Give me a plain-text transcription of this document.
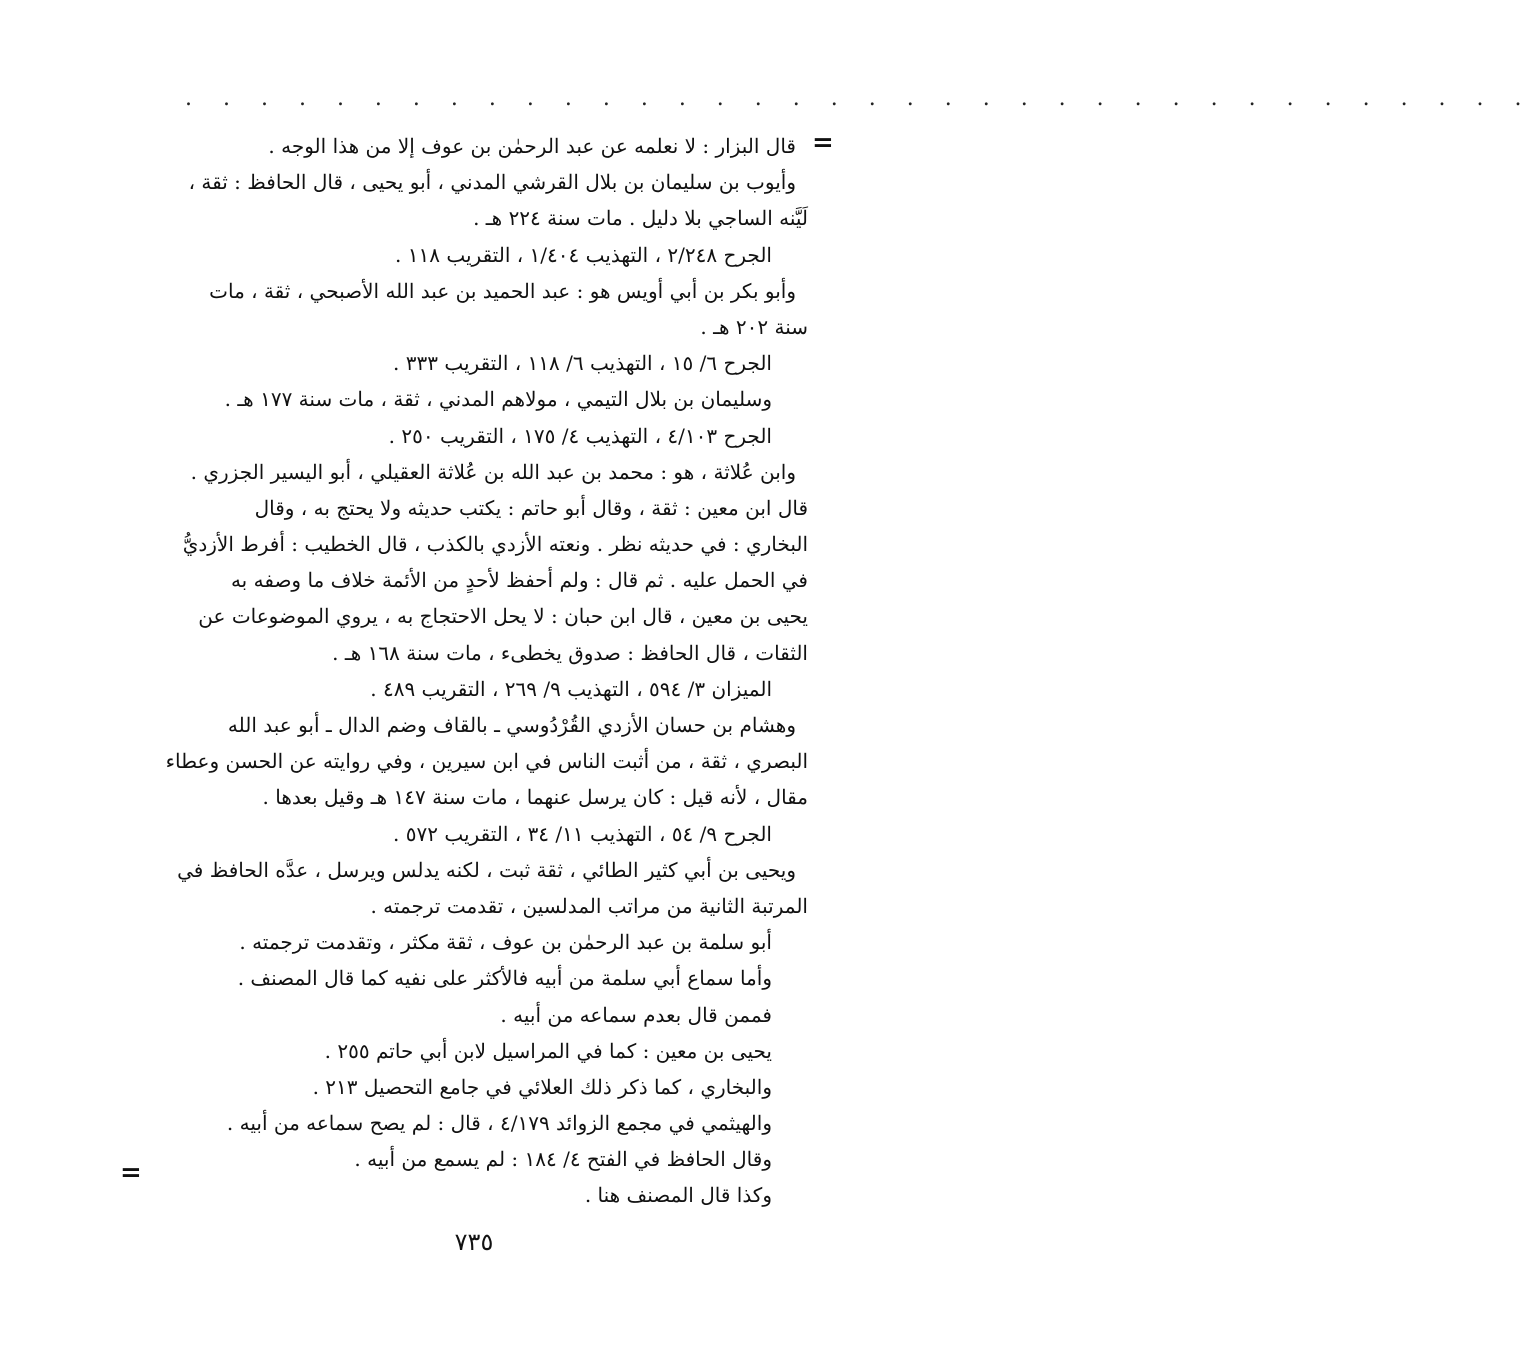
. . . . . . . . . . . . . . . . . . . . . . . . . . . . . . . . . . . .
=
قال البزار : لا نعلمه عن عبد الرحمٰن بن عوف إلا من هذا الوجه .
وأيوب بن سليمان بن بلال القرشي المدني ، أبو يحيى ، قال الحافظ : ثقة ،
لَيَّنه الساجي بلا دليل . مات سنة ٢٢٤ هـ .
الجرح ٢/٢٤٨ ، التهذيب ١/٤٠٤ ، التقريب ١١٨ .
وأبو بكر بن أبي أويس هو : عبد الحميد بن عبد الله الأصبحي ، ثقة ، مات
سنة ٢٠٢ هـ .
الجرح ٦/ ١٥ ، التهذيب ٦/ ١١٨ ، التقريب ٣٣٣ .
وسليمان بن بلال التيمي ، مولاهم المدني ، ثقة ، مات سنة ١٧٧ هـ .
الجرح ٤/١٠٣ ، التهذيب ٤/ ١٧٥ ، التقريب ٢٥٠ .
وابن عُلاثة ، هو : محمد بن عبد الله بن عُلاثة العقيلي ، أبو اليسير الجزري .
قال ابن معين : ثقة ، وقال أبو حاتم : يكتب حديثه ولا يحتج به ، وقال
البخاري : في حديثه نظر . ونعته الأزدي بالكذب ، قال الخطيب : أفرط الأزديُّ
في الحمل عليه . ثم قال : ولم أحفظ لأحدٍ من الأئمة خلاف ما وصفه به
يحيى بن معين ، قال ابن حبان : لا يحل الاحتجاج به ، يروي الموضوعات عن
الثقات ، قال الحافظ : صدوق يخطىء ، مات سنة ١٦٨ هـ .
الميزان ٣/ ٥٩٤ ، التهذيب ٩/ ٢٦٩ ، التقريب ٤٨٩ .
وهشام بن حسان الأزدي القُرْدُوسي ـ بالقاف وضم الدال ـ أبو عبد الله
البصري ، ثقة ، من أثبت الناس في ابن سيرين ، وفي روايته عن الحسن وعطاء
مقال ، لأنه قيل : كان يرسل عنهما ، مات سنة ١٤٧ هـ وقيل بعدها .
الجرح ٩/ ٥٤ ، التهذيب ١١/ ٣٤ ، التقريب ٥٧٢ .
ويحيى بن أبي كثير الطائي ، ثقة ثبت ، لكنه يدلس ويرسل ، عدَّه الحافظ في
المرتبة الثانية من مراتب المدلسين ، تقدمت ترجمته .
أبو سلمة بن عبد الرحمٰن بن عوف ، ثقة مكثر ، وتقدمت ترجمته .
وأما سماع أبي سلمة من أبيه فالأكثر على نفيه كما قال المصنف .
فممن قال بعدم سماعه من أبيه .
يحيى بن معين : كما في المراسيل لابن أبي حاتم ٢٥٥ .
والبخاري ، كما ذكر ذلك العلائي في جامع التحصيل ٢١٣ .
والهيثمي في مجمع الزوائد ٤/١٧٩ ، قال : لم يصح سماعه من أبيه .
وقال الحافظ في الفتح ٤/ ١٨٤ : لم يسمع من أبيه .
وكذا قال المصنف هنا .
=
٧٣٥
